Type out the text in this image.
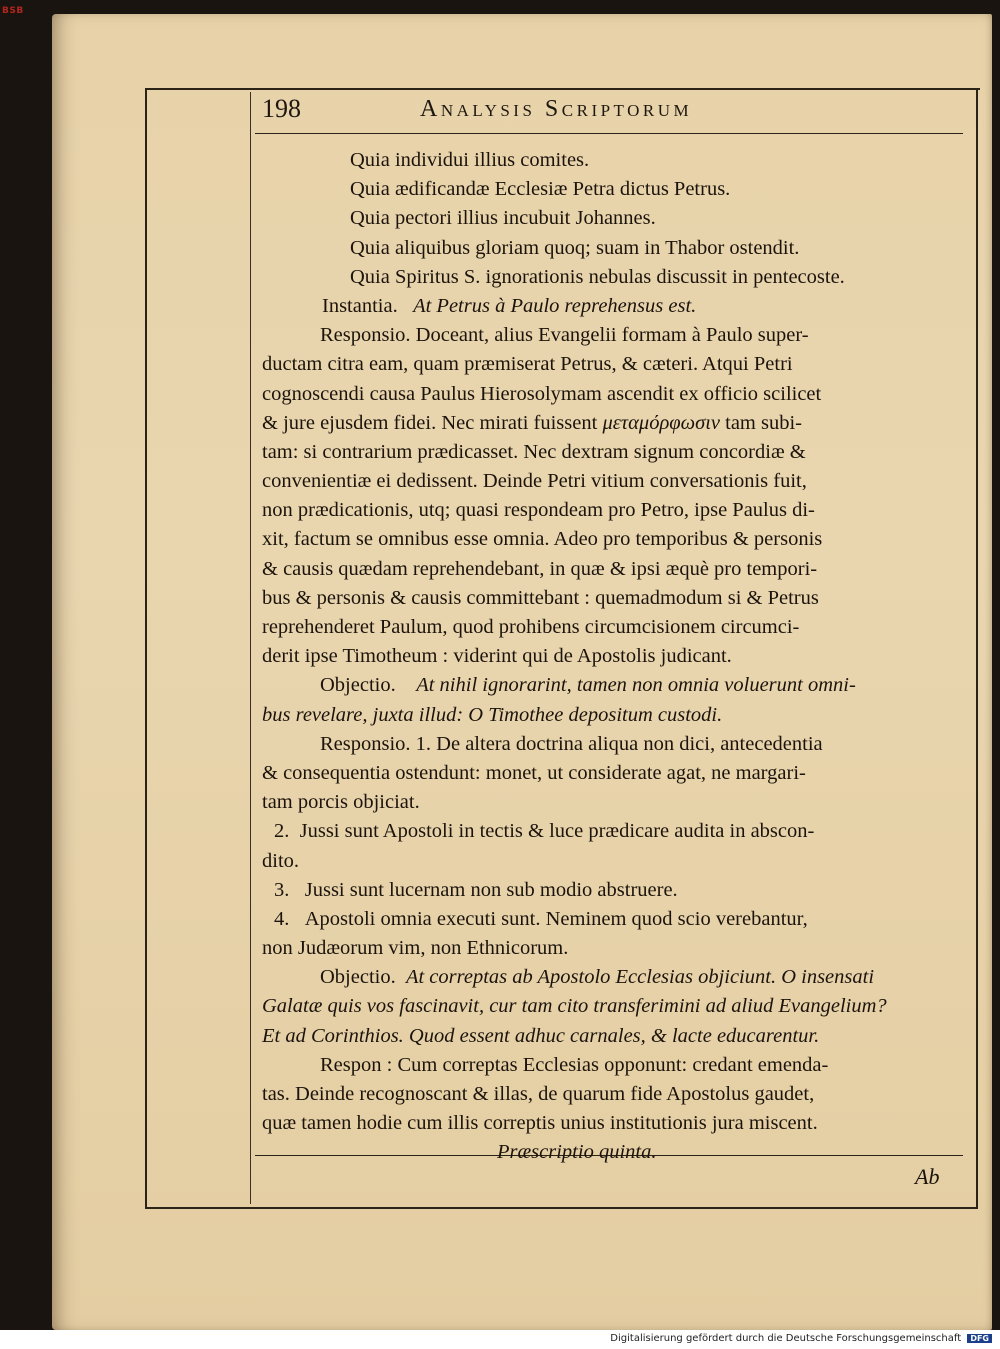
BSB
198	Analysis Scriptorum
Quia individui illius comites.
Quia ædificandæ Ecclesiæ Petra dictus Petrus.
Quia pectori illius incubuit Johannes.
Quia aliquibus gloriam quoq; suam in Thabor ostendit.
Quia Spiritus S. ignorationis nebulas discussit in pentecoste.
Instantia. At Petrus à Paulo reprehensus est.
Responsio. Doceant, alius Evangelii formam à Paulo super-
ductam citra eam, quam præmiserat Petrus, & cæteri. Atqui Petri
cognoscendi causa Paulus Hierosolymam ascendit ex officio scilicet
& jure ejusdem fidei. Nec mirati fuissent μεταμόρφωσιν tam subi-
tam: si contrarium prædicasset. Nec dextram signum concordiæ &
convenientiæ ei dedissent. Deinde Petri vitium conversationis fuit,
non prædicationis, utq; quasi respondeam pro Petro, ipse Paulus di-
xit, factum se omnibus esse omnia. Adeo pro temporibus & personis
& causis quædam reprehendebant, in quæ & ipsi æquè pro tempori-
bus & personis & causis committebant : quemadmodum si & Petrus
reprehenderet Paulum, quod prohibens circumcisionem circumci-
derit ipse Timotheum : viderint qui de Apostolis judicant.
Objectio. At nihil ignorarint, tamen non omnia voluerunt omni-
bus revelare, juxta illud: O Timothee depositum custodi.
Responsio. 1. De altera doctrina aliqua non dici, antecedentia
& consequentia ostendunt: monet, ut considerate agat, ne margari-
tam porcis objiciat.
2. Jussi sunt Apostoli in tectis & luce prædicare audita in abscon-
dito.
3. Jussi sunt lucernam non sub modio abstruere.
4. Apostoli omnia executi sunt. Neminem quod scio verebantur,
non Judæorum vim, non Ethnicorum.
Objectio. At correptas ab Apostolo Ecclesias objiciunt. O insensati
Galatæ quis vos fascinavit, cur tam cito transferimini ad aliud Evangelium?
Et ad Corinthios. Quod essent adhuc carnales, & lacte educarentur.
Respon : Cum correptas Ecclesias opponunt: credant emenda-
tas. Deinde recognoscant & illas, de quarum fide Apostolus gaudet,
quæ tamen hodie cum illis correptis unius institutionis jura miscent.
Præscriptio quinta.
Ab
Digitalisierung gefördert durch die Deutsche Forschungsgemeinschaft DFG
